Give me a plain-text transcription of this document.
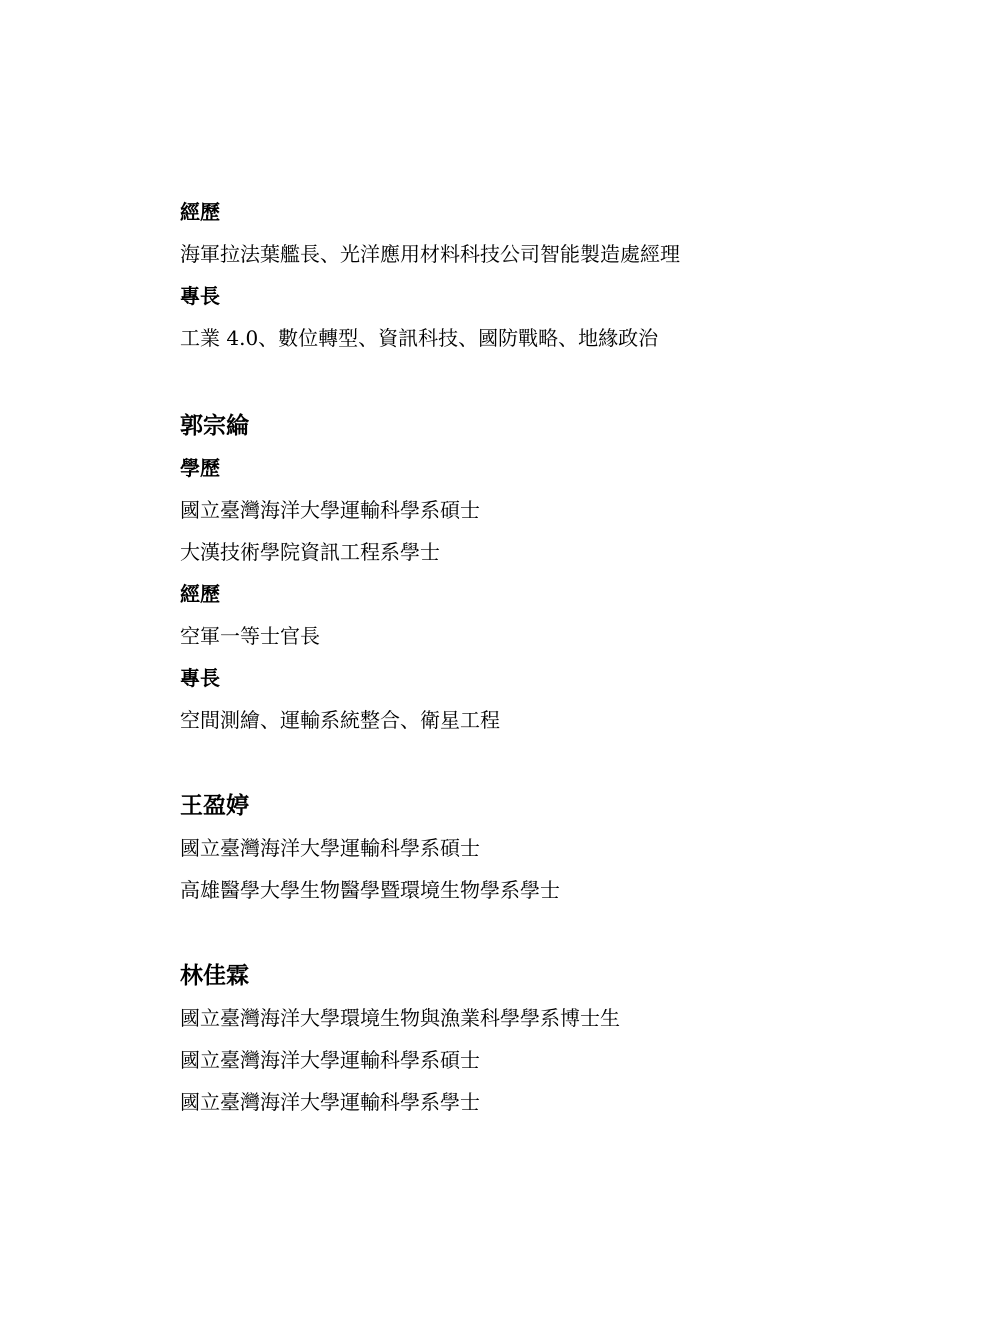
經歷
海軍拉法葉艦長、光洋應用材料科技公司智能製造處經理
專長
工業 4.0、數位轉型、資訊科技、國防戰略、地緣政治
郭宗綸
學歷
國立臺灣海洋大學運輸科學系碩士
大漢技術學院資訊工程系學士
經歷
空軍一等士官長
專長
空間測繪、運輸系統整合、衛星工程
王盈婷
國立臺灣海洋大學運輸科學系碩士
高雄醫學大學生物醫學暨環境生物學系學士
林佳霖
國立臺灣海洋大學環境生物與漁業科學學系博士生
國立臺灣海洋大學運輸科學系碩士
國立臺灣海洋大學運輸科學系學士
